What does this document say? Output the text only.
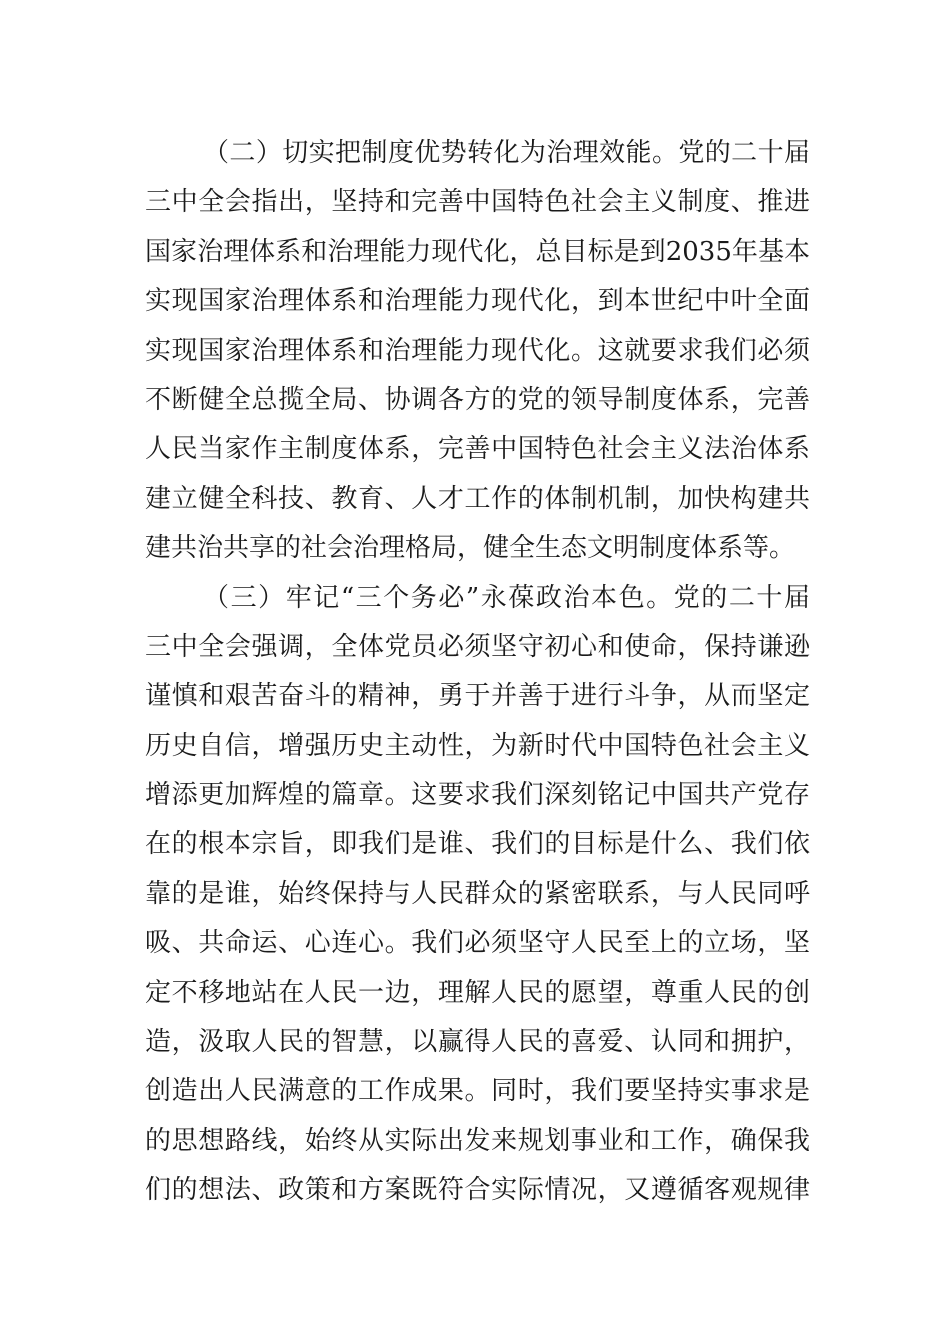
（二）切实把制度优势转化为治理效能。党的二十届
三中全会指出，坚持和完善中国特色社会主义制度、推进
国家治理体系和治理能力现代化，总目标是到2035年基本
实现国家治理体系和治理能力现代化，到本世纪中叶全面
实现国家治理体系和治理能力现代化。这就要求我们必须
不断健全总揽全局、协调各方的党的领导制度体系，完善
人民当家作主制度体系，完善中国特色社会主义法治体系
建立健全科技、教育、人才工作的体制机制，加快构建共
建共治共享的社会治理格局，健全生态文明制度体系等。
（三）牢记“三个务必”永葆政治本色。党的二十届
三中全会强调，全体党员必须坚守初心和使命，保持谦逊
谨慎和艰苦奋斗的精神，勇于并善于进行斗争，从而坚定
历史自信，增强历史主动性，为新时代中国特色社会主义
增添更加辉煌的篇章。这要求我们深刻铭记中国共产党存
在的根本宗旨，即我们是谁、我们的目标是什么、我们依
靠的是谁，始终保持与人民群众的紧密联系，与人民同呼
吸、共命运、心连心。我们必须坚守人民至上的立场，坚
定不移地站在人民一边，理解人民的愿望，尊重人民的创
造，汲取人民的智慧，以赢得人民的喜爱、认同和拥护，
创造出人民满意的工作成果。同时，我们要坚持实事求是
的思想路线，始终从实际出发来规划事业和工作，确保我
们的想法、政策和方案既符合实际情况，又遵循客观规律
